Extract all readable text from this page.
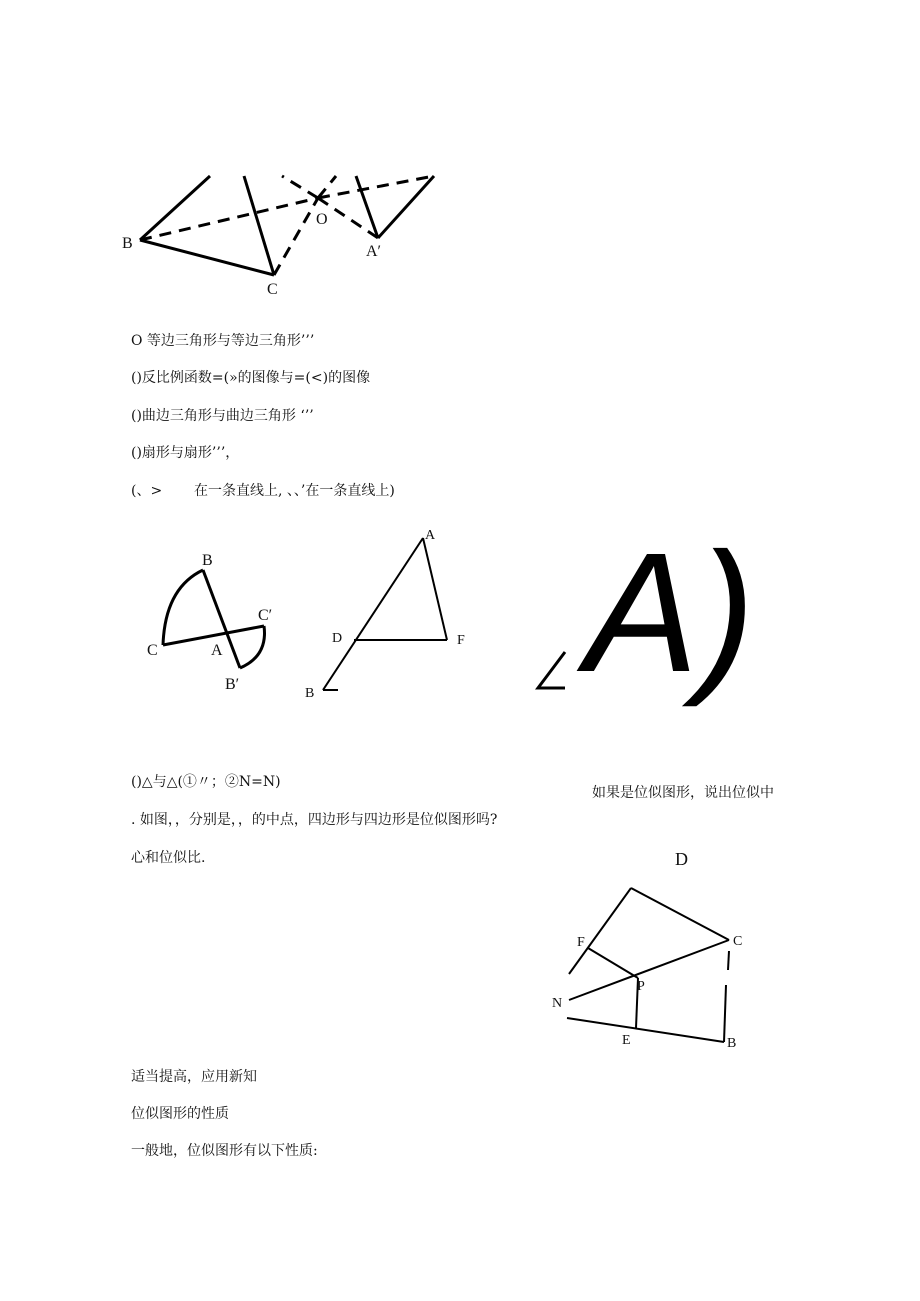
B
C
O
A′
O 等边三角形与等边三角形’’’
()反比例函数=(»的图像与=(<)的图像
()曲边三角形与曲边三角形 ‘’’
()扇形与扇形’’’，
(、> 在一条直线上, 、、’在一条直线上)
B
C′
C	A
B′
A
D	F
B A)
()△与△(①〃；②N=N)
如果是位似图形，说出位似中
. 如图，，分别是，，的中点，四边形与四边形是位似图形吗?
心和位似比.	D
F	C
P
N
E	B
适当提高，应用新知
位似图形的性质
一般地，位似图形有以下性质:
